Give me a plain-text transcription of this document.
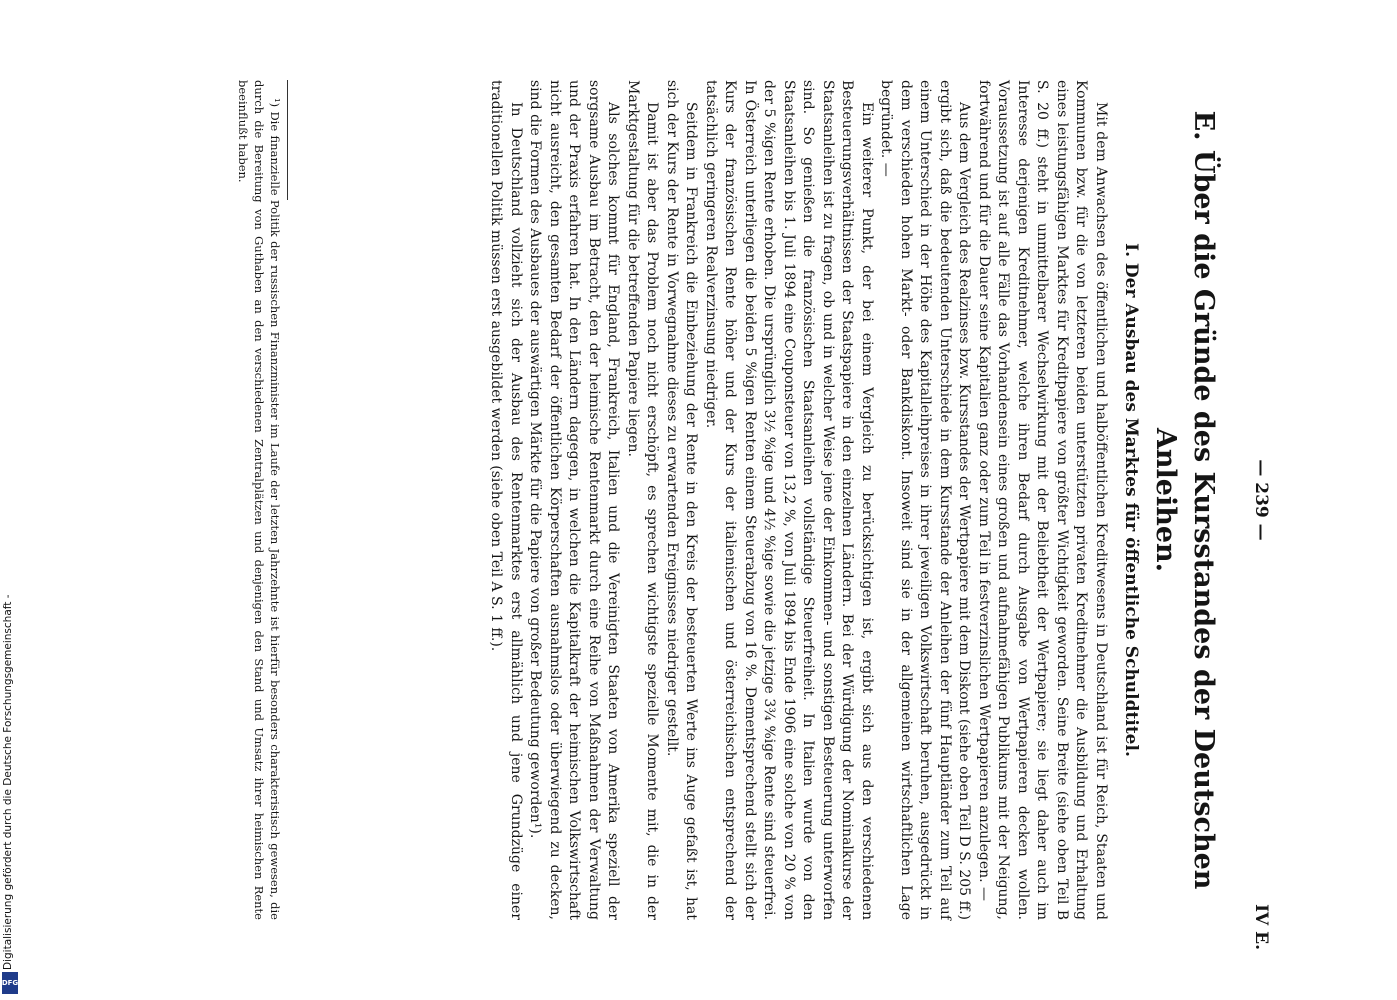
Digitalisierung gefördert durch die Deutsche Forschungsgemeinschaft -
DFG
— 239 —
IV E.
E. Über die Gründe des Kursstandes der Deutschen Anleihen.
I. Der Ausbau des Marktes für öffentliche Schuldtitel.

Mit dem Anwachsen des öffentlichen und halböffentlichen Kreditwesens in Deutschland ist für Reich, Staaten und Kommunen bzw. für die von letzteren beiden unterstützten privaten Kreditnehmer die Ausbildung und Erhaltung eines leistungsfähigen Marktes für Kreditpapiere von größter Wichtigkeit geworden. Seine Breite (siehe oben Teil B S. 20 ff.) steht in unmittelbarer Wechselwirkung mit der Beliebtheit der Wertpapiere; sie liegt daher auch im Interesse derjenigen Kreditnehmer, welche ihren Bedarf durch Ausgabe von Wertpapieren decken wollen. Voraussetzung ist auf alle Fälle das Vorhandensein eines großen und aufnahmefähigen Publikums mit der Neigung, fortwährend und für die Dauer seine Kapitalien ganz oder zum Teil in festverzinslichen Wertpapieren anzulegen. —

Aus dem Vergleich des Realzinses bzw. Kursstandes der Wertpapiere mit dem Diskont (siehe oben Teil D S. 205 ff.) ergibt sich, daß die bedeutenden Unterschiede in dem Kursstande der Anleihen der fünf Hauptländer zum Teil auf einem Unterschied in der Höhe des Kapitalleihpreises in ihrer jeweiligen Volkswirtschaft beruhen, ausgedrückt in dem verschieden hohen Markt- oder Bankdiskont. Insoweit sind sie in der allgemeinen wirtschaftlichen Lage begründet. —

Ein weiterer Punkt, der bei einem Vergleich zu berücksichtigen ist, ergibt sich aus den verschiedenen Besteuerungsverhältnissen der Staatspapiere in den einzelnen Ländern. Bei der Würdigung der Nominalkurse der Staatsanleihen ist zu fragen, ob und in welcher Weise jene der Einkommen- und sonstigen Besteuerung unterworfen sind. So genießen die französischen Staatsanleihen vollständige Steuerfreiheit. In Italien wurde von den Staatsanleihen bis 1. Juli 1894 eine Couponsteuer von 13,2 %, von Juli 1894 bis Ende 1906 eine solche von 20 % von der 5 %igen Rente erhoben. Die ursprünglich 3½ %ige und 4½ %ige sowie die jetzige 3¾ %ige Rente sind steuerfrei. In Österreich unterliegen die beiden 5 %igen Renten einem Steuerabzug von 16 %. Dementsprechend stellt sich der Kurs der französischen Rente höher und der Kurs der italienischen und österreichischen entsprechend der tatsächlich geringeren Realverzinsung niedriger.

Seitdem in Frankreich die Einbeziehung der Rente in den Kreis der besteuerten Werte ins Auge gefaßt ist, hat sich der Kurs der Rente in Vorwegnahme dieses zu erwartenden Ereignisses niedriger gestellt.

Damit ist aber das Problem noch nicht erschöpft, es sprechen wichtigste spezielle Momente mit, die in der Marktgestaltung für die betreffenden Papiere liegen.

Als solches kommt für England, Frankreich, Italien und die Vereinigten Staaten von Amerika speziell der sorgsame Ausbau im Betracht, den der heimische Rentenmarkt durch eine Reihe von Maßnahmen der Verwaltung und der Praxis erfahren hat. In den Ländern dagegen, in welchen die Kapitalkraft der heimischen Volkswirtschaft nicht ausreicht, den gesamten Bedarf der öffentlichen Körperschaften ausnahmslos oder überwiegend zu decken, sind die Formen des Ausbaues der auswärtigen Märkte für die Papiere von großer Bedeutung geworden¹).

In Deutschland vollzieht sich der Ausbau des Rentenmarktes erst allmählich und jene Grundzüge einer traditionellen Politik müssen erst ausgebildet werden (siehe oben Teil A S. 1 ff.).

¹) Die finanzielle Politik der russischen Finanzminister im Laufe der letzten Jahrzehnte ist hierfür besonders charakteristisch gewesen, die durch die Bereitung von Guthaben an den verschiedenen Zentralplätzen und denjenigen den Stand und Umsatz ihrer heimischen Rente beeinflußt haben.
